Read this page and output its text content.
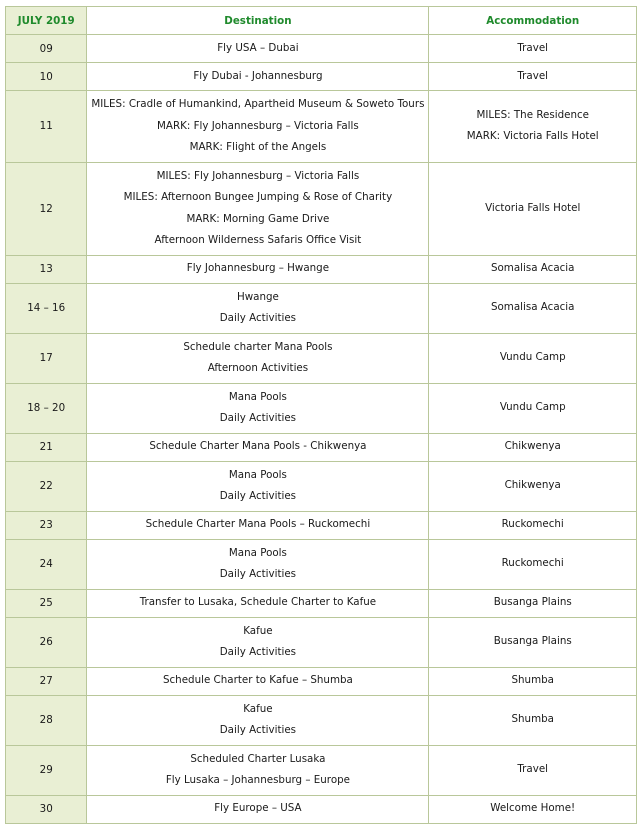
JULY 2019	Destination	Accommodation
09	Fly USA – Dubai	Travel

10	Fly Dubai - Johannesburg	Travel

11	MILES: Cradle of Humankind, Apartheid Museum & Soweto Tours
MARK: Fly Johannesburg – Victoria Falls
MARK: Flight of the Angels	MILES: The Residence
MARK: Victoria Falls Hotel

12	MILES: Fly Johannesburg – Victoria Falls
MILES: Afternoon Bungee Jumping & Rose of Charity
MARK: Morning Game Drive
Afternoon Wilderness Safaris Office Visit	Victoria Falls Hotel

13	Fly Johannesburg – Hwange	Somalisa Acacia

14 – 16	Hwange
Daily Activities	Somalisa Acacia

17	Schedule charter Mana Pools
Afternoon Activities	Vundu Camp

18 – 20	Mana Pools
Daily Activities	Vundu Camp

21	Schedule Charter Mana Pools - Chikwenya	Chikwenya

22	Mana Pools
Daily Activities	Chikwenya

23	Schedule Charter Mana Pools – Ruckomechi	Ruckomechi

24	Mana Pools
Daily Activities	Ruckomechi

25	Transfer to Lusaka, Schedule Charter to Kafue	Busanga Plains

26	Kafue
Daily Activities	Busanga Plains

27	Schedule Charter to Kafue – Shumba	Shumba

28	Kafue
Daily Activities	Shumba

29	Scheduled Charter Lusaka
Fly Lusaka – Johannesburg – Europe	Travel

30	Fly Europe – USA	Welcome Home!
